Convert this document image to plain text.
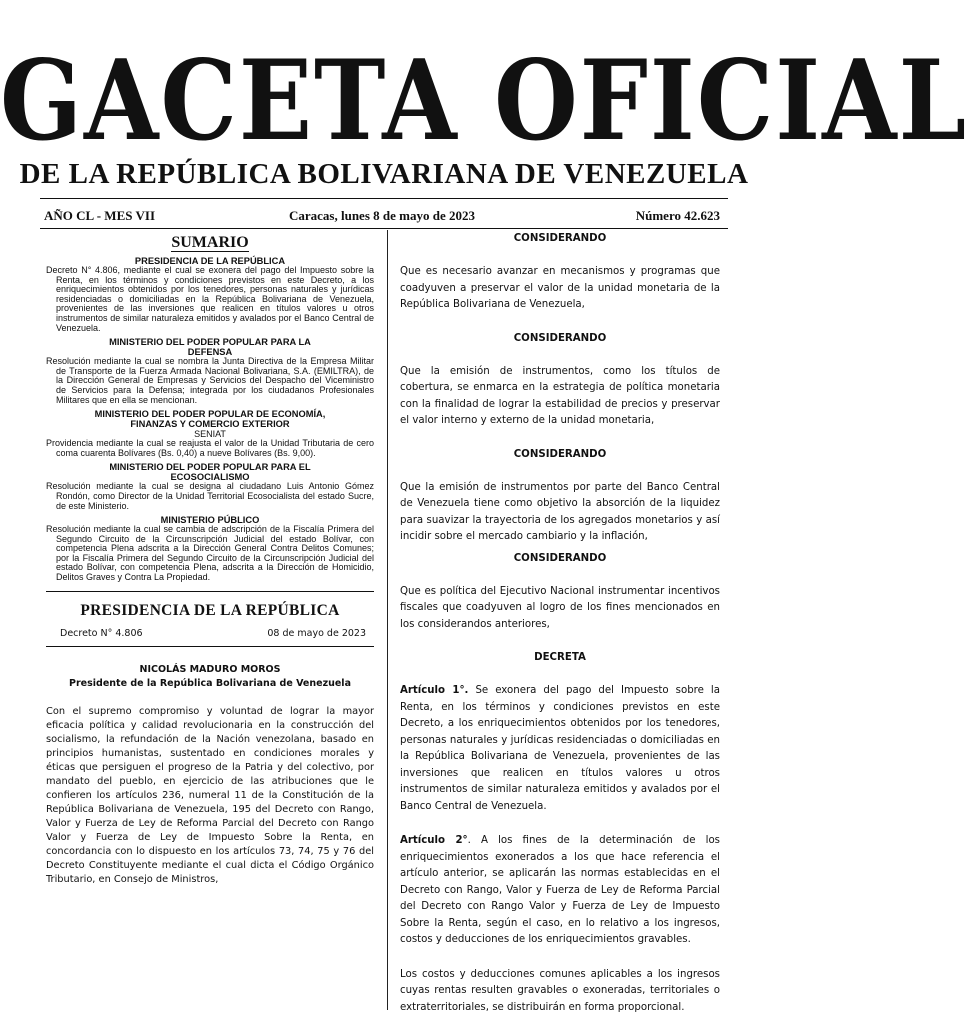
GACETA OFICIAL
DE LA REPÚBLICA BOLIVARIANA DE VENEZUELA
AÑO CL - MES VII	Caracas, lunes 8 de mayo de 2023	Número 42.623
SUMARIO
PRESIDENCIA DE LA REPÚBLICA
Decreto N° 4.806, mediante el cual se exonera del pago del Impuesto sobre la Renta, en los términos y condiciones previstos en este Decreto, a los enriquecimientos obtenidos por los tenedores, personas naturales y jurídicas residenciadas o domiciliadas en la República Bolivariana de Venezuela, provenientes de las inversiones que realicen en títulos valores u otros instrumentos de similar naturaleza emitidos y avalados por el Banco Central de Venezuela.
MINISTERIO DEL PODER POPULAR PARA LA DEFENSA
Resolución mediante la cual se nombra la Junta Directiva de la Empresa Militar de Transporte de la Fuerza Armada Nacional Bolivariana, S.A. (EMILTRA), de la Dirección General de Empresas y Servicios del Despacho del Viceministro de Servicios para la Defensa; integrada por los ciudadanos Profesionales Militares que en ella se mencionan.
MINISTERIO DEL PODER POPULAR DE ECONOMÍA, FINANZAS Y COMERCIO EXTERIOR
SENIAT
Providencia mediante la cual se reajusta el valor de la Unidad Tributaria de cero coma cuarenta Bolívares (Bs. 0,40) a nueve Bolívares (Bs. 9,00).
MINISTERIO DEL PODER POPULAR PARA EL ECOSOCIALISMO
Resolución mediante la cual se designa al ciudadano Luis Antonio Gómez Rondón, como Director de la Unidad Territorial Ecosocialista del estado Sucre, de este Ministerio.
MINISTERIO PÚBLICO
Resolución mediante la cual se cambia de adscripción de la Fiscalía Primera del Segundo Circuito de la Circunscripción Judicial del estado Bolívar, con competencia Plena adscrita a la Dirección General Contra Delitos Comunes; por la Fiscalía Primera del Segundo Circuito de la Circunscripción Judicial del estado Bolívar, con competencia Plena, adscrita a la Dirección de Homicidio, Delitos Graves y Contra La Propiedad.
PRESIDENCIA DE LA REPÚBLICA
Decreto N° 4.806	08 de mayo de 2023
NICOLÁS MADURO MOROS
Presidente de la República Bolivariana de Venezuela
Con el supremo compromiso y voluntad de lograr la mayor eficacia política y calidad revolucionaria en la construcción del socialismo, la refundación de la Nación venezolana, basado en principios humanistas, sustentado en condiciones morales y éticas que persiguen el progreso de la Patria y del colectivo, por mandato del pueblo, en ejercicio de las atribuciones que le confieren los artículos 236, numeral 11 de la Constitución de la República Bolivariana de Venezuela, 195 del Decreto con Rango, Valor y Fuerza de Ley de Reforma Parcial del Decreto con Rango Valor y Fuerza de Ley de Impuesto Sobre la Renta, en concordancia con lo dispuesto en los artículos 73, 74, 75 y 76 del Decreto Constituyente mediante el cual dicta el Código Orgánico Tributario, en Consejo de Ministros,
CONSIDERANDO
Que es necesario avanzar en mecanismos y programas que coadyuven a preservar el valor de la unidad monetaria de la República Bolivariana de Venezuela,
CONSIDERANDO
Que la emisión de instrumentos, como los títulos de cobertura, se enmarca en la estrategia de política monetaria con la finalidad de lograr la estabilidad de precios y preservar el valor interno y externo de la unidad monetaria,
CONSIDERANDO
Que la emisión de instrumentos por parte del Banco Central de Venezuela tiene como objetivo la absorción de la liquidez para suavizar la trayectoria de los agregados monetarios y así incidir sobre el mercado cambiario y la inflación,
CONSIDERANDO
Que es política del Ejecutivo Nacional instrumentar incentivos fiscales que coadyuven al logro de los fines mencionados en los considerandos anteriores,
DECRETA
Artículo 1°. Se exonera del pago del Impuesto sobre la Renta, en los términos y condiciones previstos en este Decreto, a los enriquecimientos obtenidos por los tenedores, personas naturales y jurídicas residenciadas o domiciliadas en la República Bolivariana de Venezuela, provenientes de las inversiones que realicen en títulos valores u otros instrumentos de similar naturaleza emitidos y avalados por el Banco Central de Venezuela.
Artículo 2°. A los fines de la determinación de los enriquecimientos exonerados a los que hace referencia el artículo anterior, se aplicarán las normas establecidas en el Decreto con Rango, Valor y Fuerza de Ley de Reforma Parcial del Decreto con Rango Valor y Fuerza de Ley de Impuesto Sobre la Renta, según el caso, en lo relativo a los ingresos, costos y deducciones de los enriquecimientos gravables.
Los costos y deducciones comunes aplicables a los ingresos cuyas rentas resulten gravables o exoneradas, territoriales o extraterritoriales, se distribuirán en forma proporcional.
